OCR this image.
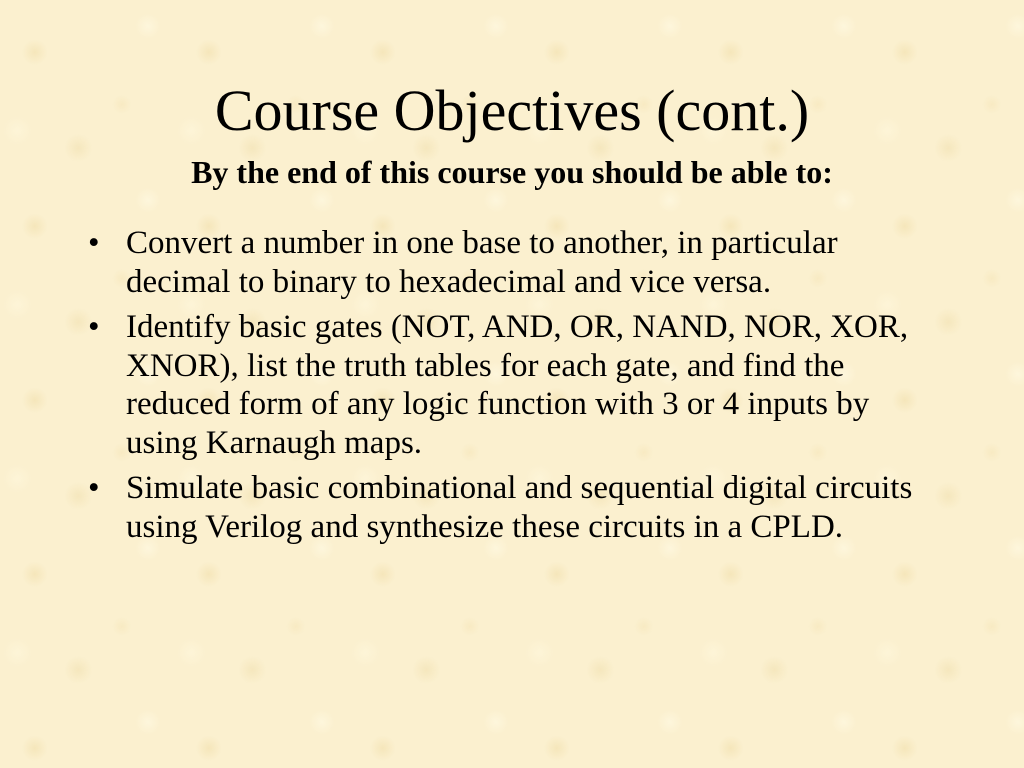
Course Objectives (cont.)
By the end of this course you should be able to:
• Convert a number in one base to another, in particular decimal to binary to hexadecimal and vice versa.
• Identify basic gates (NOT, AND, OR, NAND, NOR, XOR, XNOR), list the truth tables for each gate, and find the reduced form of any logic function with 3 or 4 inputs by using Karnaugh maps.
• Simulate basic combinational and sequential digital circuits using Verilog and synthesize these circuits in a CPLD.
